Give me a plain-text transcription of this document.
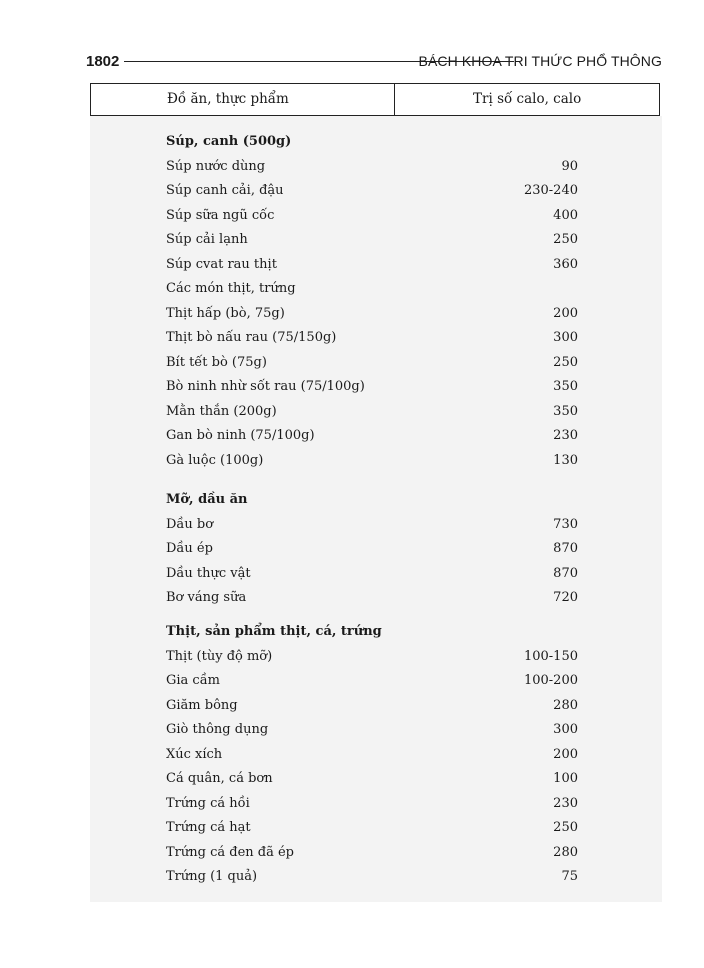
1802	BÁCH KHOA TRI THỨC PHỔ THÔNG
Đồ ăn, thực phẩm	Trị số calo, calo
Súp, canh (500g)
Súp nước dùng	90
Súp canh cải, đậu	230-240
Súp sữa ngũ cốc	400
Súp cải lạnh	250
Súp cvat rau thịt	360
Các món thịt, trứng
Thịt hấp (bò, 75g)	200
Thịt bò nấu rau (75/150g)	300
Bít tết bò (75g)	250
Bò ninh nhừ sốt rau (75/100g)	350
Mằn thắn (200g)	350
Gan bò ninh (75/100g)	230
Gà luộc (100g)	130
Mỡ, dầu ăn
Dầu bơ	730
Dầu ép	870
Dầu thực vật	870
Bơ váng sữa	720
Thịt, sản phẩm thịt, cá, trứng
Thịt (tùy độ mỡ)	100-150
Gia cầm	100-200
Giăm bông	280
Giò thông dụng	300
Xúc xích	200
Cá quân, cá bơn	100
Trứng cá hồi	230
Trứng cá hạt	250
Trứng cá đen đã ép	280
Trứng (1 quả)	75
